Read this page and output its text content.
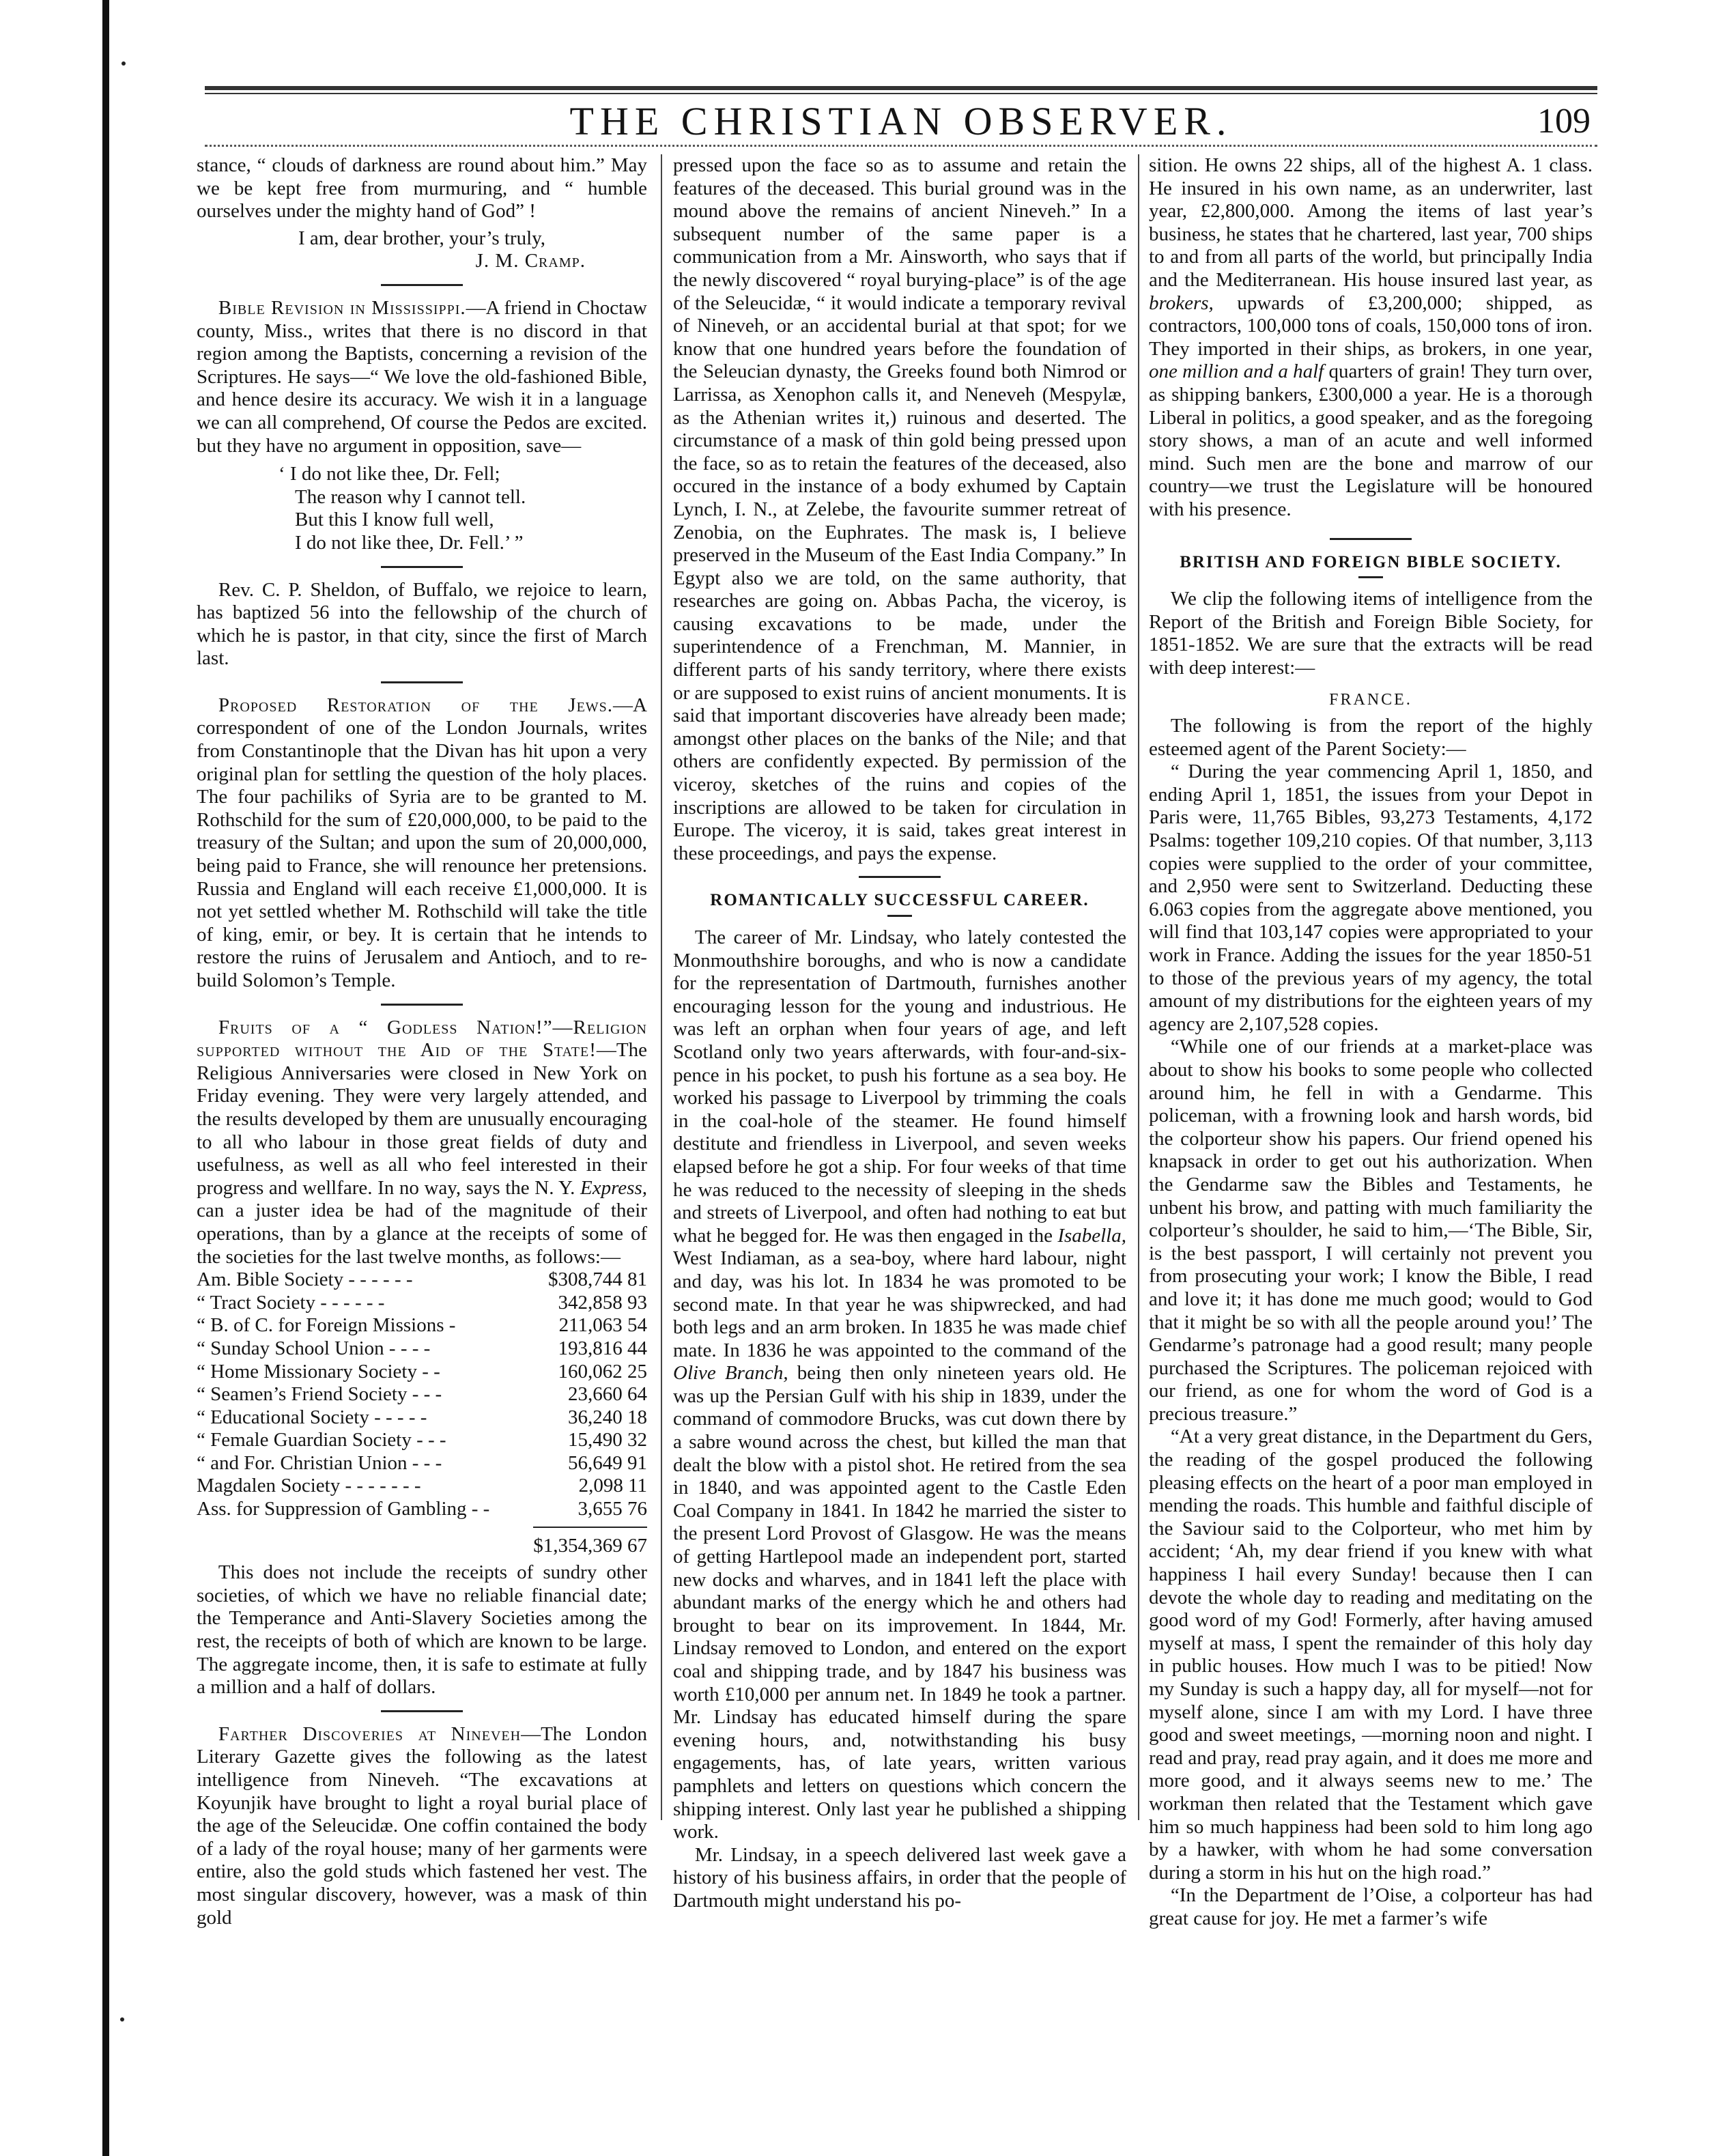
THE CHRISTIAN OBSERVER.	109

stance, “ clouds of darkness are round about him.” May we be kept free from murmuring, and “ humble ourselves under the mighty hand of God” !

I am, dear brother, your’s truly,

J. M. Cramp.

Bible Revision in Mississippi.—A friend in Choctaw county, Miss., writes that there is no discord in that region among the Baptists, concerning a revision of the Scriptures. He says—“ We love the old-fashioned Bible, and hence desire its accuracy. We wish it in a language we can all comprehend, Of course the Pedos are excited. but they have no argument in opposition, save—

‘ I do not like thee, Dr. Fell;
The reason why I cannot tell.
But this I know full well,
I do not like thee, Dr. Fell.’ ”

Rev. C. P. Sheldon, of Buffalo, we rejoice to learn, has baptized 56 into the fellowship of the church of which he is pastor, in that city, since the first of March last.

Proposed Restoration of the Jews.—A correspondent of one of the London Journals, writes from Constantinople that the Divan has hit upon a very original plan for settling the question of the holy places. The four pachiliks of Syria are to be granted to M. Rothschild for the sum of £20,000,000, to be paid to the treasury of the Sultan; and upon the sum of 20,000,000, being paid to France, she will renounce her pretensions. Russia and England will each receive £1,000,000. It is not yet settled whether M. Rothschild will take the title of king, emir, or bey. It is certain that he intends to restore the ruins of Jerusalem and Antioch, and to re-build Solomon’s Temple.

Fruits of a “ Godless Nation!”—Religion supported without the Aid of the State!—The Religious Anniversaries were closed in New York on Friday evening. They were very largely attended, and the results developed by them are unusually encouraging to all who labour in those great fields of duty and usefulness, as well as all who feel interested in their progress and wellfare. In no way, says the N. Y. Express, can a juster idea be had of the magnitude of their operations, than by a glance at the receipts of some of the societies for the last twelve months, as follows:—

Am. Bible Society - - - - - -	$308,744 81
“ Tract Society - - - - - -	342,858 93
“ B. of C. for Foreign Missions -	211,063 54
“ Sunday School Union - - - -	193,816 44
“ Home Missionary Society - -	160,062 25
“ Seamen’s Friend Society - - -	23,660 64
“ Educational Society - - - - -	36,240 18
“ Female Guardian Society - - -	15,490 32
“ and For. Christian Union - - -	56,649 91
Magdalen Society - - - - - - -	2,098 11
Ass. for Suppression of Gambling - -	3,655 76
$1,354,369 67

This does not include the receipts of sundry other societies, of which we have no reliable financial date; the Temperance and Anti-Slavery Societies among the rest, the receipts of both of which are known to be large. The aggregate income, then, it is safe to estimate at fully a million and a half of dollars.

Farther Discoveries at Nineveh—The London Literary Gazette gives the following as the latest intelligence from Nineveh. “The excavations at Koyunjik have brought to light a royal burial place of the age of the Seleucidæ. One coffin contained the body of a lady of the royal house; many of her garments were entire, also the gold studs which fastened her vest. The most singular discovery, however, was a mask of thin gold

pressed upon the face so as to assume and retain the features of the deceased. This burial ground was in the mound above the remains of ancient Nineveh.” In a subsequent number of the same paper is a communication from a Mr. Ainsworth, who says that if the newly discovered “ royal burying-place” is of the age of the Seleucidæ, “ it would indicate a temporary revival of Nineveh, or an accidental burial at that spot; for we know that one hundred years before the foundation of the Seleucian dynasty, the Greeks found both Nimrod or Larrissa, as Xenophon calls it, and Neneveh (Mespylæ, as the Athenian writes it,) ruinous and deserted. The circumstance of a mask of thin gold being pressed upon the face, so as to retain the features of the deceased, also occured in the instance of a body exhumed by Captain Lynch, I. N., at Zelebe, the favourite summer retreat of Zenobia, on the Euphrates. The mask is, I believe preserved in the Museum of the East India Company.” In Egypt also we are told, on the same authority, that researches are going on. Abbas Pacha, the viceroy, is causing excavations to be made, under the superintendence of a Frenchman, M. Mannier, in different parts of his sandy territory, where there exists or are supposed to exist ruins of ancient monuments. It is said that important discoveries have already been made; amongst other places on the banks of the Nile; and that others are confidently expected. By permission of the viceroy, sketches of the ruins and copies of the inscriptions are allowed to be taken for circulation in Europe. The viceroy, it is said, takes great interest in these proceedings, and pays the expense.

ROMANTICALLY SUCCESSFUL CAREER.

The career of Mr. Lindsay, who lately contested the Monmouthshire boroughs, and who is now a candidate for the representation of Dartmouth, furnishes another encouraging lesson for the young and industrious. He was left an orphan when four years of age, and left Scotland only two years afterwards, with four-and-six-pence in his pocket, to push his fortune as a sea boy. He worked his passage to Liverpool by trimming the coals in the coal-hole of the steamer. He found himself destitute and friendless in Liverpool, and seven weeks elapsed before he got a ship. For four weeks of that time he was reduced to the necessity of sleeping in the sheds and streets of Liverpool, and often had nothing to eat but what he begged for. He was then engaged in the Isabella, West Indiaman, as a sea-boy, where hard labour, night and day, was his lot. In 1834 he was promoted to be second mate. In that year he was shipwrecked, and had both legs and an arm broken. In 1835 he was made chief mate. In 1836 he was appointed to the command of the Olive Branch, being then only nineteen years old. He was up the Persian Gulf with his ship in 1839, under the command of commodore Brucks, was cut down there by a sabre wound across the chest, but killed the man that dealt the blow with a pistol shot. He retired from the sea in 1840, and was appointed agent to the Castle Eden Coal Company in 1841. In 1842 he married the sister to the present Lord Provost of Glasgow. He was the means of getting Hartlepool made an independent port, started new docks and wharves, and in 1841 left the place with abundant marks of the energy which he and others had brought to bear on its improvement. In 1844, Mr. Lindsay removed to London, and entered on the export coal and shipping trade, and by 1847 his business was worth £10,000 per annum net. In 1849 he took a partner. Mr. Lindsay has educated himself during the spare evening hours, and, notwithstanding his busy engagements, has, of late years, written various pamphlets and letters on questions which concern the shipping interest. Only last year he published a shipping work.

Mr. Lindsay, in a speech delivered last week gave a history of his business affairs, in order that the people of Dartmouth might understand his po-

sition. He owns 22 ships, all of the highest A. 1 class. He insured in his own name, as an underwriter, last year, £2,800,000. Among the items of last year’s business, he states that he chartered, last year, 700 ships to and from all parts of the world, but principally India and the Mediterranean. His house insured last year, as brokers, upwards of £3,200,000; shipped, as contractors, 100,000 tons of coals, 150,000 tons of iron. They imported in their ships, as brokers, in one year, one million and a half quarters of grain! They turn over, as shipping bankers, £300,000 a year. He is a thorough Liberal in politics, a good speaker, and as the foregoing story shows, a man of an acute and well informed mind. Such men are the bone and marrow of our country—we trust the Legislature will be honoured with his presence.

BRITISH AND FOREIGN BIBLE SOCIETY.

We clip the following items of intelligence from the Report of the British and Foreign Bible Society, for 1851-1852. We are sure that the extracts will be read with deep interest:—

FRANCE.

The following is from the report of the highly esteemed agent of the Parent Society:—

“ During the year commencing April 1, 1850, and ending April 1, 1851, the issues from your Depot in Paris were, 11,765 Bibles, 93,273 Testaments, 4,172 Psalms: together 109,210 copies. Of that number, 3,113 copies were supplied to the order of your committee, and 2,950 were sent to Switzerland. Deducting these 6.063 copies from the aggregate above mentioned, you will find that 103,147 copies were appropriated to your work in France. Adding the issues for the year 1850-51 to those of the previous years of my agency, the total amount of my distributions for the eighteen years of my agency are 2,107,528 copies.

“While one of our friends at a market-place was about to show his books to some people who collected around him, he fell in with a Gendarme. This policeman, with a frowning look and harsh words, bid the colporteur show his papers. Our friend opened his knapsack in order to get out his authorization. When the Gendarme saw the Bibles and Testaments, he unbent his brow, and patting with much familiarity the colporteur’s shoulder, he said to him,—‘The Bible, Sir, is the best passport, I will certainly not prevent you from prosecuting your work; I know the Bible, I read and love it; it has done me much good; would to God that it might be so with all the people around you!’ The Gendarme’s patronage had a good result; many people purchased the Scriptures. The policeman rejoiced with our friend, as one for whom the word of God is a precious treasure.”

“At a very great distance, in the Department du Gers, the reading of the gospel produced the following pleasing effects on the heart of a poor man employed in mending the roads. This humble and faithful disciple of the Saviour said to the Colporteur, who met him by accident; ‘Ah, my dear friend if you knew with what happiness I hail every Sunday! because then I can devote the whole day to reading and meditating on the good word of my God! Formerly, after having amused myself at mass, I spent the remainder of this holy day in public houses. How much I was to be pitied! Now my Sunday is such a happy day, all for myself—not for myself alone, since I am with my Lord. I have three good and sweet meetings, —morning noon and night. I read and pray, read pray again, and it does me more and more good, and it always seems new to me.’ The workman then related that the Testament which gave him so much happiness had been sold to him long ago by a hawker, with whom he had some conversation during a storm in his hut on the high road.”

“In the Department de l’Oise, a colporteur has had great cause for joy. He met a farmer’s wife
